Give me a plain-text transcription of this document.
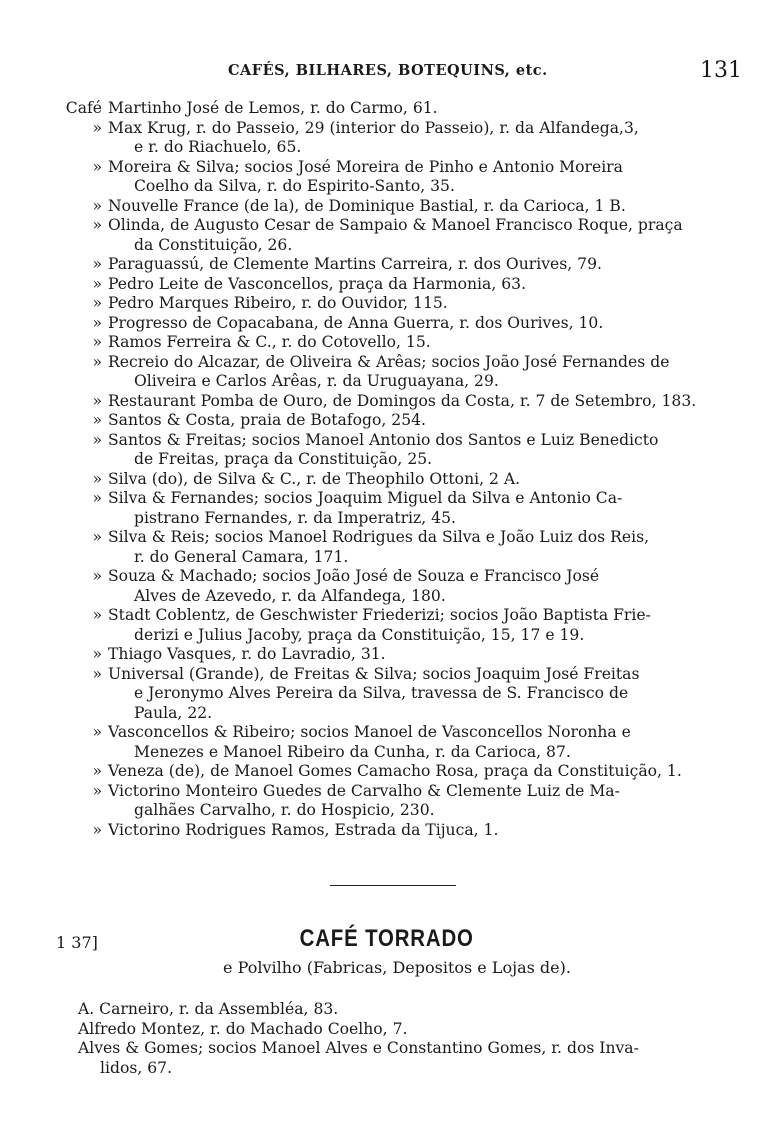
CAFÉS, BILHARES, BOTEQUINS, etc.	131
Café Martinho José de Lemos, r. do Carmo, 61.
» Max Krug, r. do Passeio, 29 (interior do Passeio), r. da Alfandega,3,
e r. do Riachuelo, 65.
» Moreira & Silva; socios José Moreira de Pinho e Antonio Moreira
Coelho da Silva, r. do Espirito-Santo, 35.
» Nouvelle France (de la), de Dominique Bastial, r. da Carioca, 1 B.
» Olinda, de Augusto Cesar de Sampaio & Manoel Francisco Roque, praça
da Constituição, 26.
» Paraguassú, de Clemente Martins Carreira, r. dos Ourives, 79.
» Pedro Leite de Vasconcellos, praça da Harmonia, 63.
» Pedro Marques Ribeiro, r. do Ouvidor, 115.
» Progresso de Copacabana, de Anna Guerra, r. dos Ourives, 10.
» Ramos Ferreira & C., r. do Cotovello, 15.
» Recreio do Alcazar, de Oliveira & Arêas; socios João José Fernandes de
Oliveira e Carlos Arêas, r. da Uruguayana, 29.
» Restaurant Pomba de Ouro, de Domingos da Costa, r. 7 de Setembro, 183.
» Santos & Costa, praia de Botafogo, 254.
» Santos & Freitas; socios Manoel Antonio dos Santos e Luiz Benedicto
de Freitas, praça da Constituição, 25.
» Silva (do), de Silva & C., r. de Theophilo Ottoni, 2 A.
» Silva & Fernandes; socios Joaquim Miguel da Silva e Antonio Ca-
pistrano Fernandes, r. da Imperatriz, 45.
» Silva & Reis; socios Manoel Rodrigues da Silva e João Luiz dos Reis,
r. do General Camara, 171.
» Souza & Machado; socios João José de Souza e Francisco José
Alves de Azevedo, r. da Alfandega, 180.
» Stadt Coblentz, de Geschwister Friederizi; socios João Baptista Frie-
derizi e Julius Jacoby, praça da Constituição, 15, 17 e 19.
» Thiago Vasques, r. do Lavradio, 31.
» Universal (Grande), de Freitas & Silva; socios Joaquim José Freitas
e Jeronymo Alves Pereira da Silva, travessa de S. Francisco de
Paula, 22.
» Vasconcellos & Ribeiro; socios Manoel de Vasconcellos Noronha e
Menezes e Manoel Ribeiro da Cunha, r. da Carioca, 87.
» Veneza (de), de Manoel Gomes Camacho Rosa, praça da Constituição, 1.
» Victorino Monteiro Guedes de Carvalho & Clemente Luiz de Ma-
galhães Carvalho, r. do Hospicio, 230.
» Victorino Rodrigues Ramos, Estrada da Tijuca, 1.
1 37]	CAFÉ TORRADO
e Polvilho (Fabricas, Depositos e Lojas de).
A. Carneiro, r. da Assembléa, 83.
Alfredo Montez, r. do Machado Coelho, 7.
Alves & Gomes; socios Manoel Alves e Constantino Gomes, r. dos Inva-
lidos, 67.
